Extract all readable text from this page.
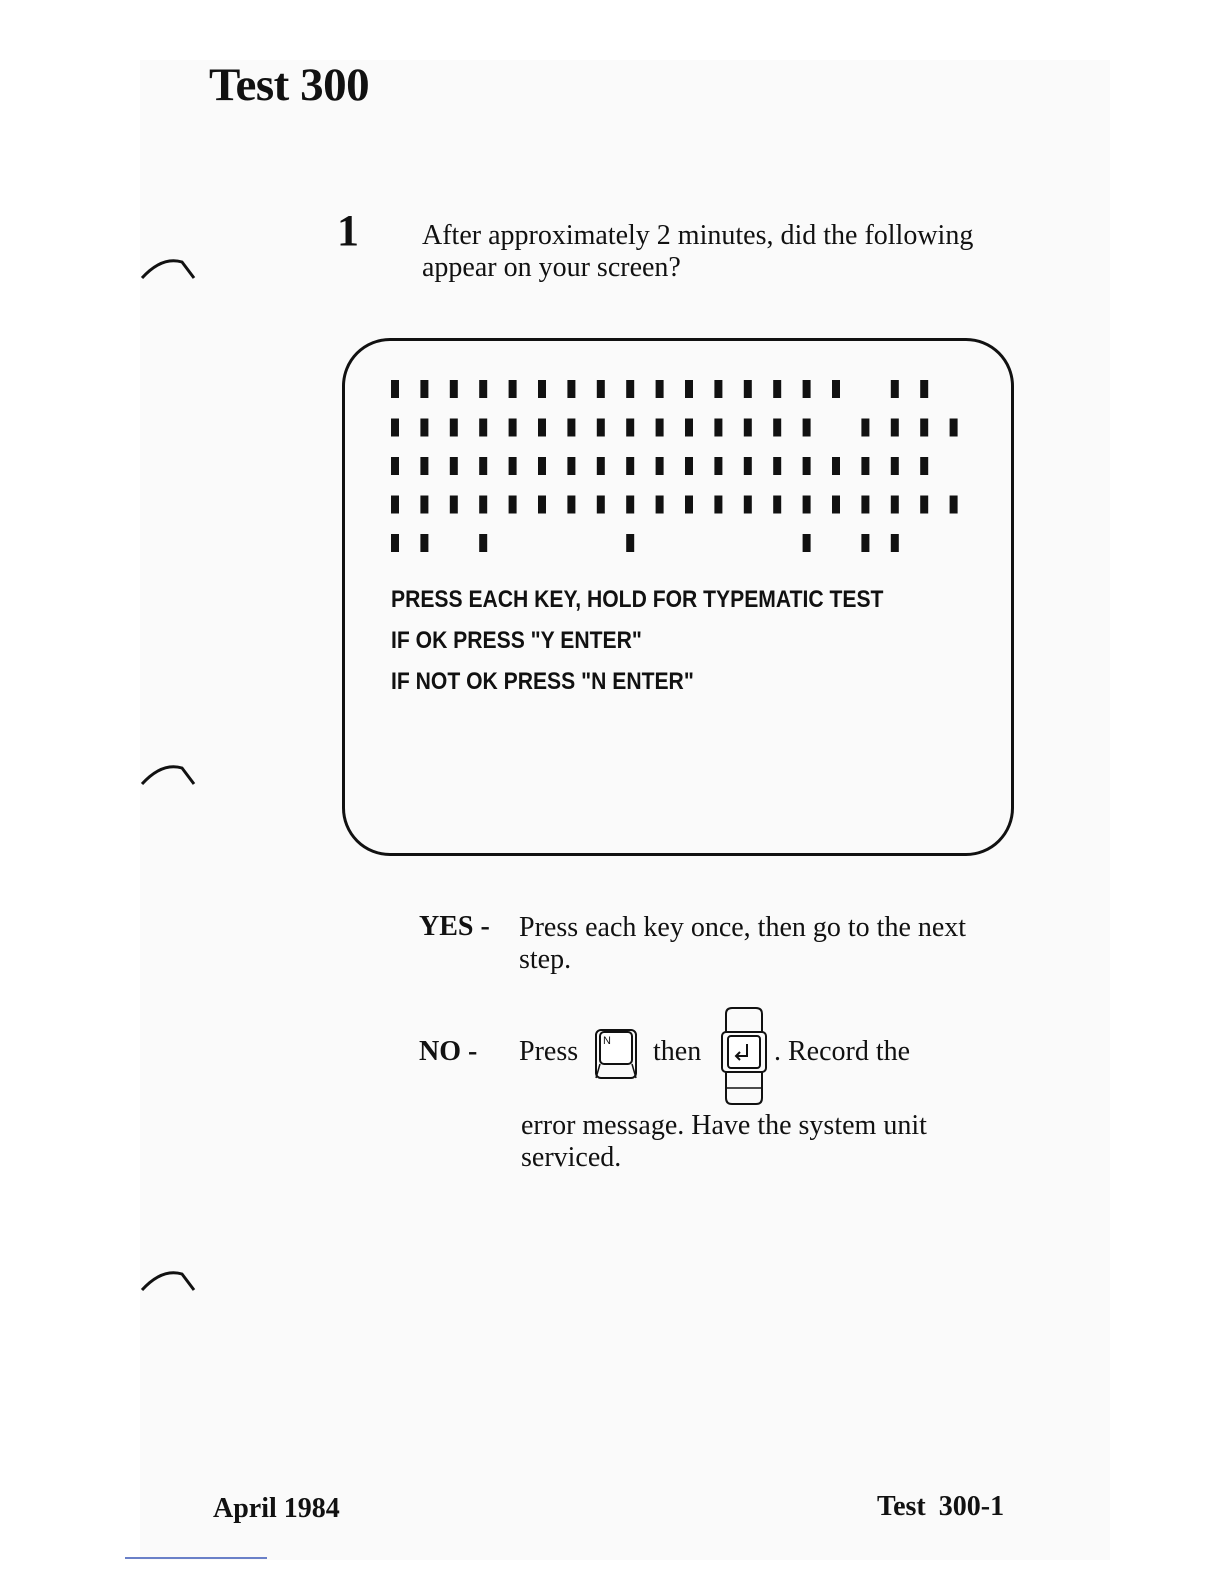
Test 300
1 After approximately 2 minutes, did the following appear on your screen?
PRESS EACH KEY, HOLD FOR TYPEMATIC TEST
IF OK PRESS "Y ENTER"
IF NOT OK PRESS "N ENTER"
YES - Press each key once, then go to the next step.
NO - Press N then	. Record the
error message. Have the system unit serviced.
April 1984	Test 300-1
